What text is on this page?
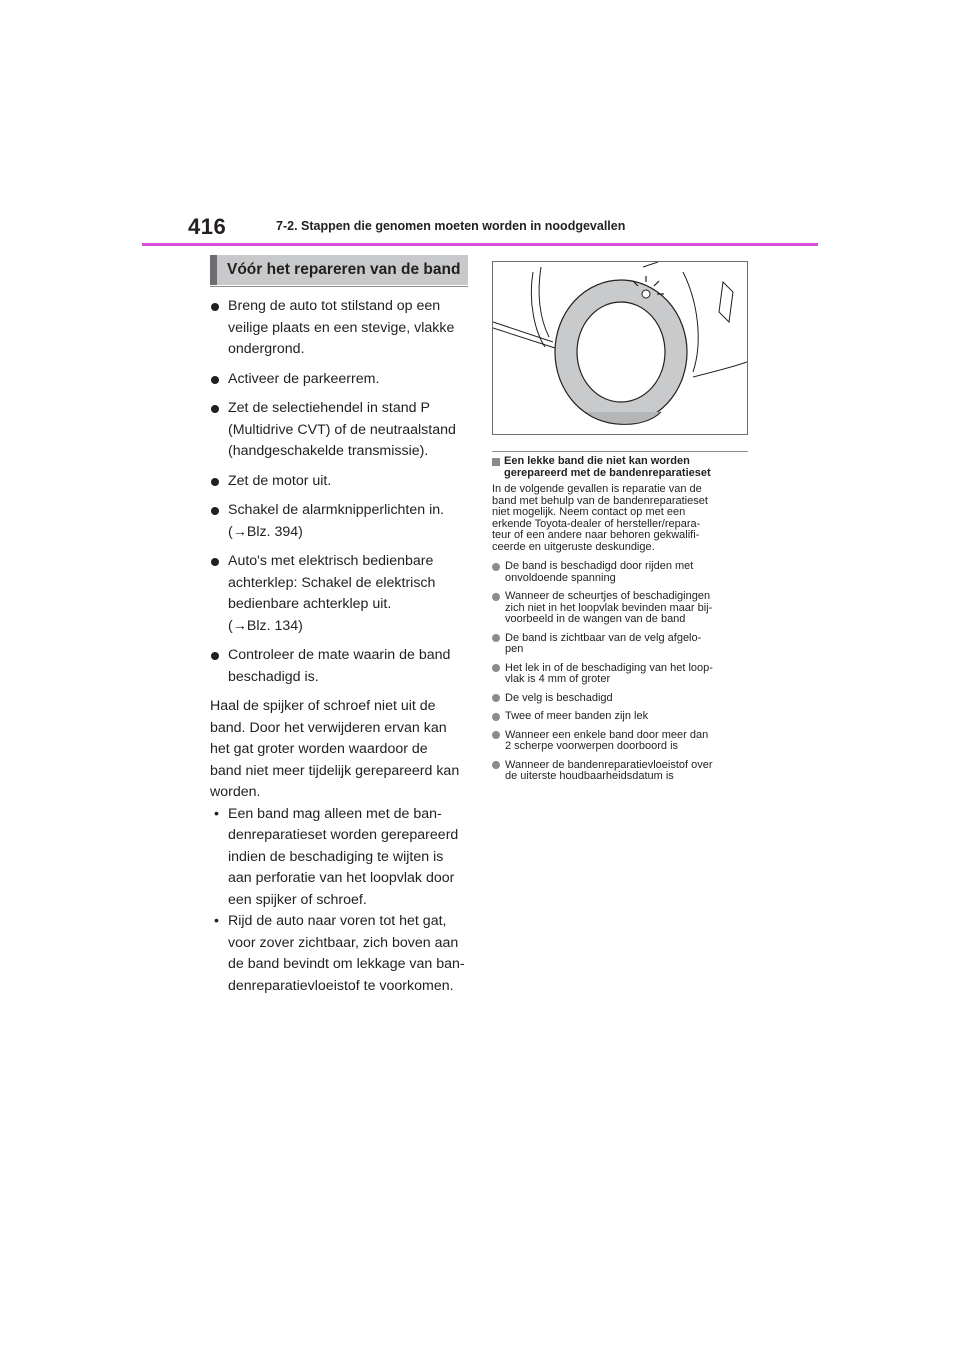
416	7-2. Stappen die genomen moeten worden in noodgevallen
Vóór het repareren van de band
Breng de auto tot stilstand op een
veilige plaats en een stevige, vlakke
ondergrond.
Activeer de parkeerrem.
Zet de selectiehendel in stand P
(Multidrive CVT) of de neutraalstand
(handgeschakelde transmissie).
Zet de motor uit.
Schakel de alarmknipperlichten in.
(→Blz. 394)
Auto's met elektrisch bedienbare
achterklep: Schakel de elektrisch
bedienbare achterklep uit.
(→Blz. 134)
Controleer de mate waarin de band
beschadigd is.
Haal de spijker of schroef niet uit de
band. Door het verwijderen ervan kan
het gat groter worden waardoor de
band niet meer tijdelijk gerepareerd kan
worden.
• Een band mag alleen met de ban-
denreparatieset worden gerepareerd
indien de beschadiging te wijten is
aan perforatie van het loopvlak door
een spijker of schroef.
• Rijd de auto naar voren tot het gat,
voor zover zichtbaar, zich boven aan
de band bevindt om lekkage van ban-
denreparatievloeistof te voorkomen.
Een lekke band die niet kan worden
gerepareerd met de bandenreparatieset
In de volgende gevallen is reparatie van de
band met behulp van de bandenreparatieset
niet mogelijk. Neem contact op met een
erkende Toyota-dealer of hersteller/repara-
teur of een andere naar behoren gekwalifi-
ceerde en uitgeruste deskundige.
De band is beschadigd door rijden met
onvoldoende spanning
Wanneer de scheurtjes of beschadigingen
zich niet in het loopvlak bevinden maar bij-
voorbeeld in de wangen van de band
De band is zichtbaar van de velg afgelo-
pen
Het lek in of de beschadiging van het loop-
vlak is 4 mm of groter
De velg is beschadigd
Twee of meer banden zijn lek
Wanneer een enkele band door meer dan
2 scherpe voorwerpen doorboord is
Wanneer de bandenreparatievloeistof over
de uiterste houdbaarheidsdatum is
